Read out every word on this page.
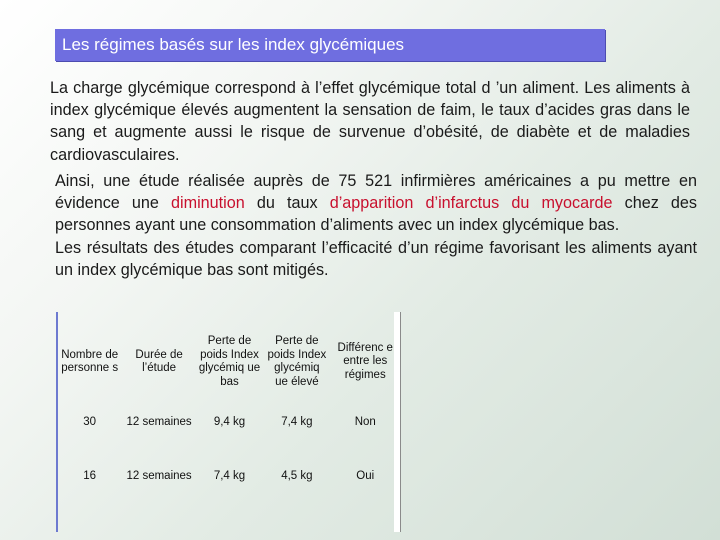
Les régimes basés sur les index glycémiques

La charge glycémique correspond à l’effet glycémique total d ’un aliment. Les aliments à index glycémique élevés augmentent la sensation de faim, le taux d’acides gras dans le sang et augmente aussi le risque de survenue d’obésité, de diabète et de maladies cardiovasculaires.

Ainsi, une étude réalisée auprès de 75 521 infirmières américaines a pu mettre en évidence une diminution du taux d’apparition d’infarctus du myocarde chez des personnes ayant une consommation d’aliments avec un index glycémique bas.
Les résultats des études comparant l’efficacité d’un régime favorisant les aliments ayant un index glycémique bas sont mitigés.

Nombre de personne s	Durée de l’étude	Perte de poids Index glycémiq ue bas	Perte de poids Index glycémiq ue élevé	Différenc e entre les régimes
30	12 semaines	9,4 kg	7,4 kg	Non
16	12 semaines	7,4 kg	4,5 kg	Oui
